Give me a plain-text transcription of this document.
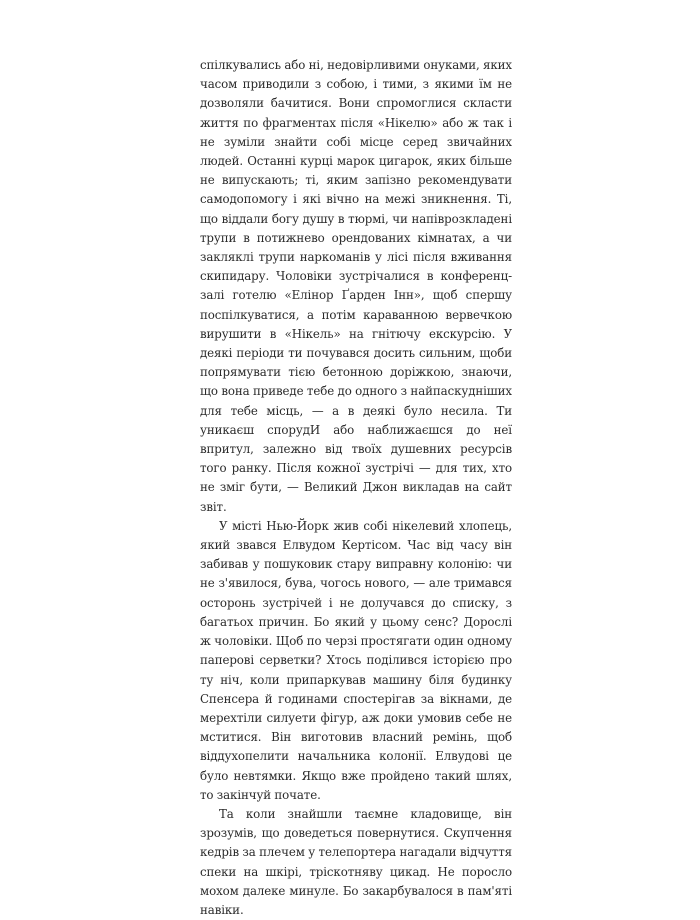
спілкувались або ні, недовірливими онуками, яких часом приводили з собою, і тими, з якими їм не дозволяли бачитися. Вони спромоглися скласти життя по фрагментах після «Нікелю» або ж так і не зуміли знайти собі місце серед звичайних людей. Останні курці марок цигарок, яких більше не випускають; ті, яким запізно рекомендувати самодопомогу і які вічно на межі зникнення. Ті, що віддали богу душу в тюрмі, чи напіврозкладені трупи в потижнево орендованих кімнатах, а чи закляклі трупи наркоманів у лісі після вживання скипидару. Чоловіки зустрічалися в конференц-залі готелю «Елінор Ґарден Інн», щоб спершу поспілкуватися, а потім караванною вервечкою вирушити в «Нікель» на гнітючу екскурсію. У деякі періоди ти почувався досить сильним, щоби попрямувати тією бетонною доріжкою, знаючи, що вона приведе тебе до одного з найпаскудніших для тебе місць, — а в деякі було несила. Ти уникаєш спорудИ або наближаєшся до неї впритул, залежно від твоїх душевних ресурсів того ранку. Після кожної зустрічі — для тих, хто не зміг бути, — Великий Джон викладав на сайт звіт.

У місті Нью-Йорк жив собі нікелевий хлопець, який звався Елвудом Кертісом. Час від часу він забивав у пошуковик стару виправну колонію: чи не з'явилося, бува, чогось нового, — але тримався осторонь зустрічей і не долучався до списку, з багатьох причин. Бо який у цьому сенс? Дорослі ж чоловіки. Щоб по черзі простягати один одному паперові серветки? Хтось поділився історією про ту ніч, коли припаркував машину біля будинку Спенсера й годинами спостерігав за вікнами, де мерехтіли силуети фігур, аж доки умовив себе не мститися. Він виготовив власний ремінь, щоб віддухопелити начальника колонії. Елвудові це було невтямки. Якщо вже пройдено такий шлях, то закінчуй почате.

Та коли знайшли таємне кладовище, він зрозумів, що доведеться повернутися. Скупчення кедрів за плечем у телепортера нагадали відчуття спеки на шкірі, тріскотняву цикад. Не поросло мохом далеке минуле. Бо закарбувалося в пам'яті навіки.
